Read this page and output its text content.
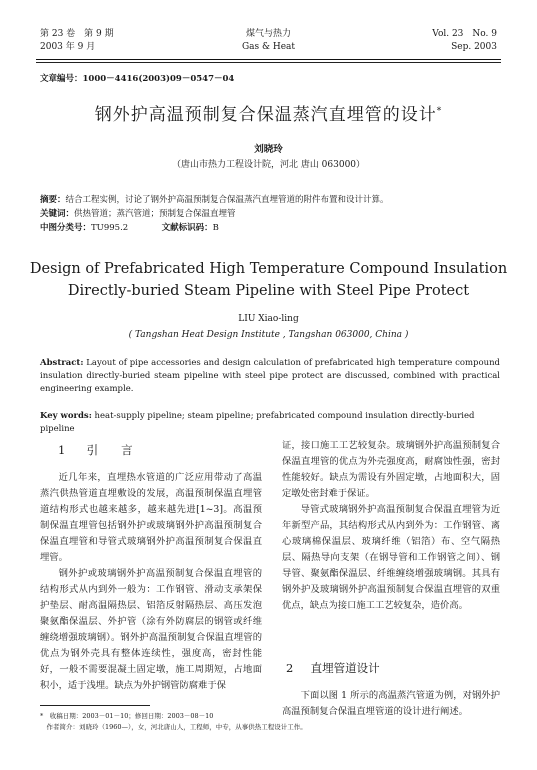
第 23 卷　第 9 期
2003 年 9 月
煤气与热力
Gas & Heat
Vol. 23　No. 9
Sep. 2003
文章编号：1000－4416(2003)09－0547－04
钢外护高温预制复合保温蒸汽直埋管的设计*
刘晓玲
（唐山市热力工程设计院，河北 唐山 063000）
摘要：结合工程实例，讨论了钢外护高温预制复合保温蒸汽直埋管道的附件布置和设计计算。
关键词：供热管道；蒸汽管道；预制复合保温直埋管
中图分类号：TU995.2	文献标识码：B
Design of Prefabricated High Temperature Compound Insulation
Directly-buried Steam Pipeline with Steel Pipe Protect
LIU Xiao-ling
( Tangshan Heat Design Institute , Tangshan 063000, China )
Abstract: Layout of pipe accessories and design calculation of prefabricated high temperature compound insulation directly-buried steam pipeline with steel pipe protect are discussed, combined with practical engineering example.
Key words: heat-supply pipeline; steam pipeline; prefabricated compound insulation directly-buried pipeline
1 引　　言

近几年来，直埋热水管道的广泛应用带动了高温蒸汽供热管道直埋敷设的发展，高温预制保温直埋管道结构形式也越来越多，越来越先进[1~3]。高温预制保温直埋管包括钢外护或玻璃钢外护高温预制复合保温直埋管和导管式玻璃钢外护高温预制复合保温直埋管。

钢外护或玻璃钢外护高温预制复合保温直埋管的结构形式从内到外一般为：工作钢管、滑动支承架保护垫层、耐高温隔热层、铝箔反射隔热层、高压发泡聚氨酯保温层、外护管（涂有外防腐层的钢管或纤维缠绕增强玻璃钢）。钢外护高温预制复合保温直埋管的优点为钢外壳具有整体连续性，强度高，密封性能好，一般不需要混凝土固定墩，施工周期短，占地面积小，适于浅埋。缺点为外护钢管防腐难于保

证，接口施工工艺较复杂。玻璃钢外护高温预制复合保温直埋管的优点为外壳强度高，耐腐蚀性强，密封性能较好。缺点为需设有外固定墩，占地面积大，固定墩处密封难于保证。

导管式玻璃钢外护高温预制复合保温直埋管为近年新型产品，其结构形式从内到外为：工作钢管、离心玻璃棉保温层、玻璃纤维（铝箔）布、空气隔热层、隔热导向支架（在钢导管和工作钢管之间）、钢导管、聚氨酯保温层、纤维缠绕增强玻璃钢。其具有钢外护及玻璃钢外护高温预制复合保温直埋管的双重优点，缺点为接口施工工艺较复杂，造价高。

2 直埋管道设计

下面以图 1 所示的高温蒸汽管道为例，对钢外护高温预制复合保温直埋管道的设计进行阐述。

*　收稿日期：2003－01－10；修回日期：2003－08－10
　作者简介：刘晓玲（1960—），女，河北唐山人，工程师，中专，从事供热工程设计工作。
